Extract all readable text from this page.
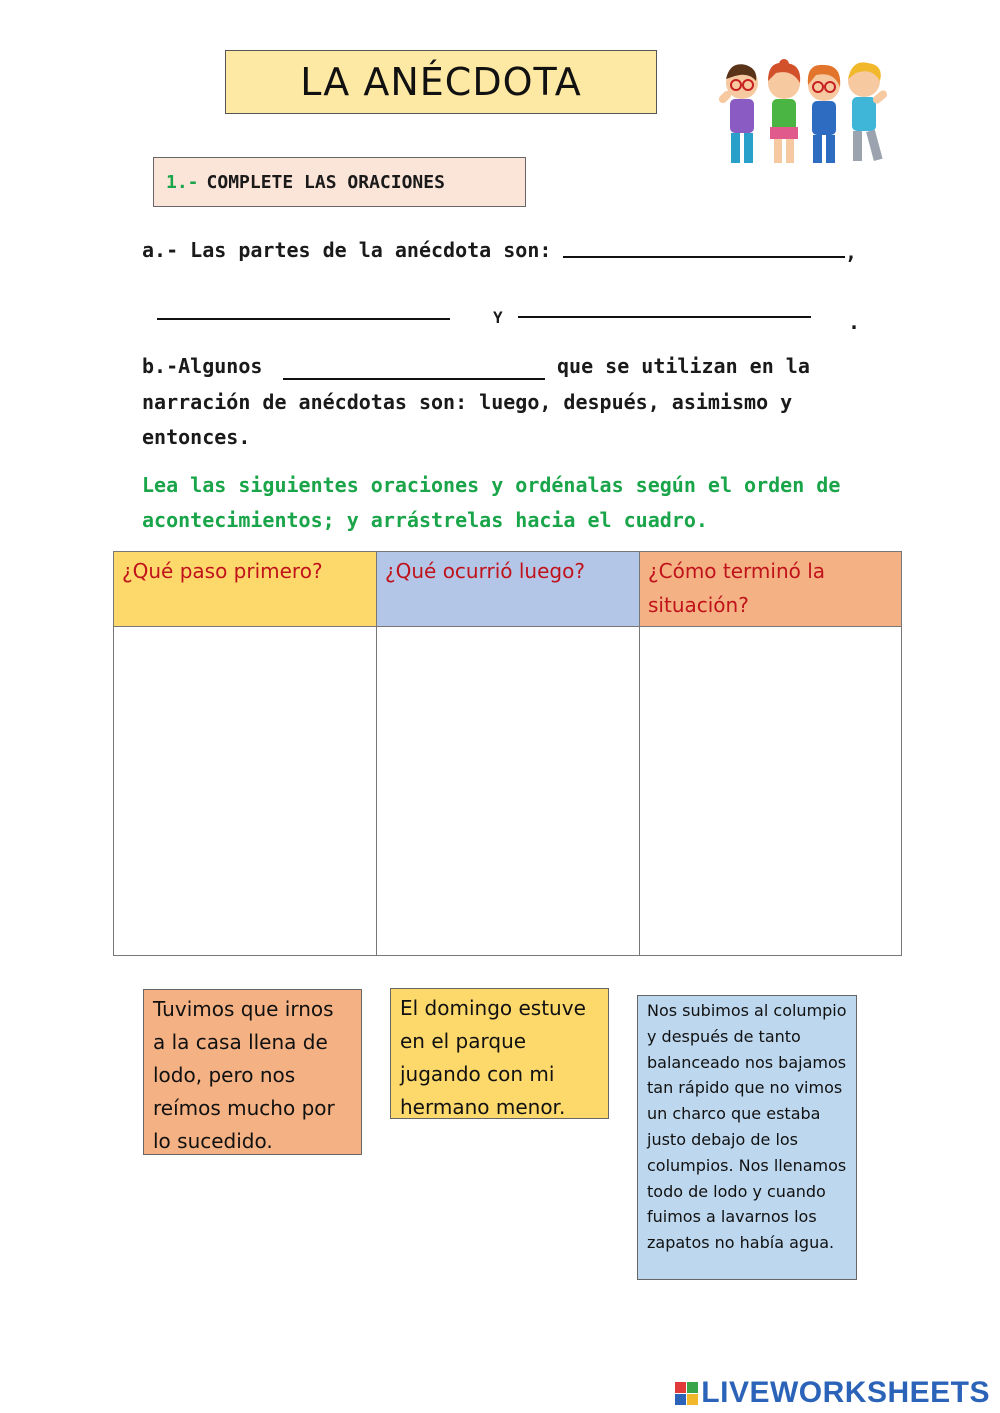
LA ANÉCDOTA
1.- COMPLETE LAS ORACIONES
a.- Las partes de la anécdota son:	,
Y	.
b.-Algunos	que se utilizan en la
narración de anécdotas son: luego, después, asimismo y
entonces.
Lea las siguientes oraciones y ordénalas según el orden de
acontecimientos; y arrástrelas hacia el cuadro.
¿Qué paso primero?	¿Qué ocurrió luego?	¿Cómo terminó la situación?
Tuvimos que irnos a la casa llena de lodo, pero nos reímos mucho por lo sucedido.
El domingo estuve en el parque jugando con mi hermano menor.
Nos subimos al columpio y después de tanto balanceado nos bajamos tan rápido que no vimos un charco que estaba justo debajo de los columpios. Nos llenamos todo de lodo y cuando fuimos a lavarnos los zapatos no había agua.
LIVEWORKSHEETS
